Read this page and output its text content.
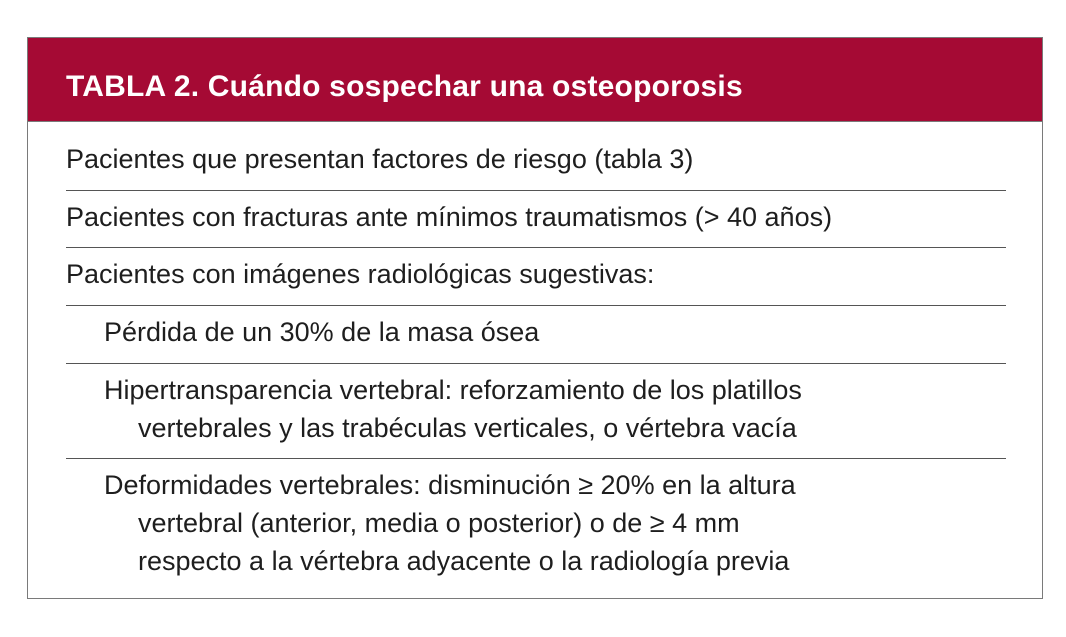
TABLA 2. Cuándo sospechar una osteoporosis
Pacientes que presentan factores de riesgo (tabla 3)
Pacientes con fracturas ante mínimos traumatismos (> 40 años)
Pacientes con imágenes radiológicas sugestivas:
Pérdida de un 30% de la masa ósea
Hipertransparencia vertebral: reforzamiento de los platillos
vertebrales y las trabéculas verticales, o vértebra vacía
Deformidades vertebrales: disminución ≥ 20% en la altura
vertebral (anterior, media o posterior) o de ≥ 4 mm
respecto a la vértebra adyacente o la radiología previa
